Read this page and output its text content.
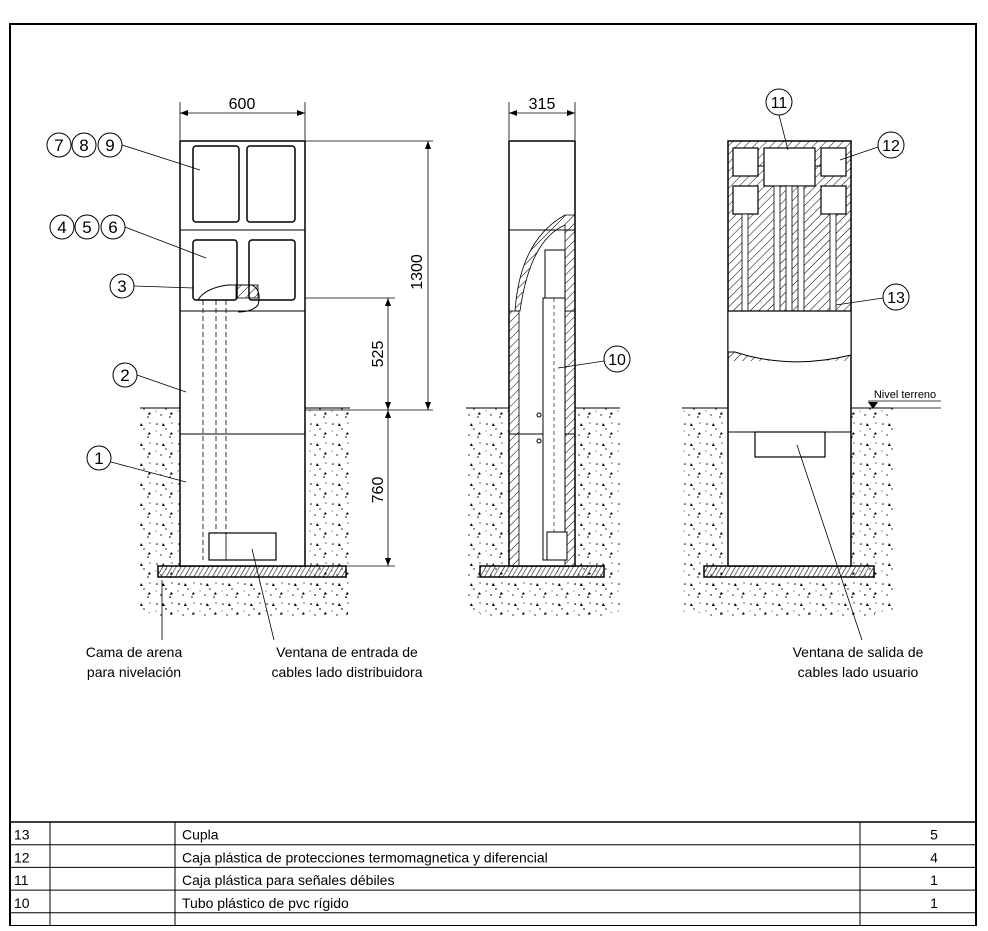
600
1300
525
760
7 8 9
4 5 6
3
2
1
Cama de arena
para nivelación
Ventana de entrada de
cables lado distribuidora
315
10
Nivel terreno
11
12
13
Ventana de salida de
cables lado usuario
13	Cupla	5
12	Caja plástica de protecciones termomagnetica y diferencial	4
11	Caja plástica para señales débiles	1
10	Tubo plástico de pvc rígido	1
